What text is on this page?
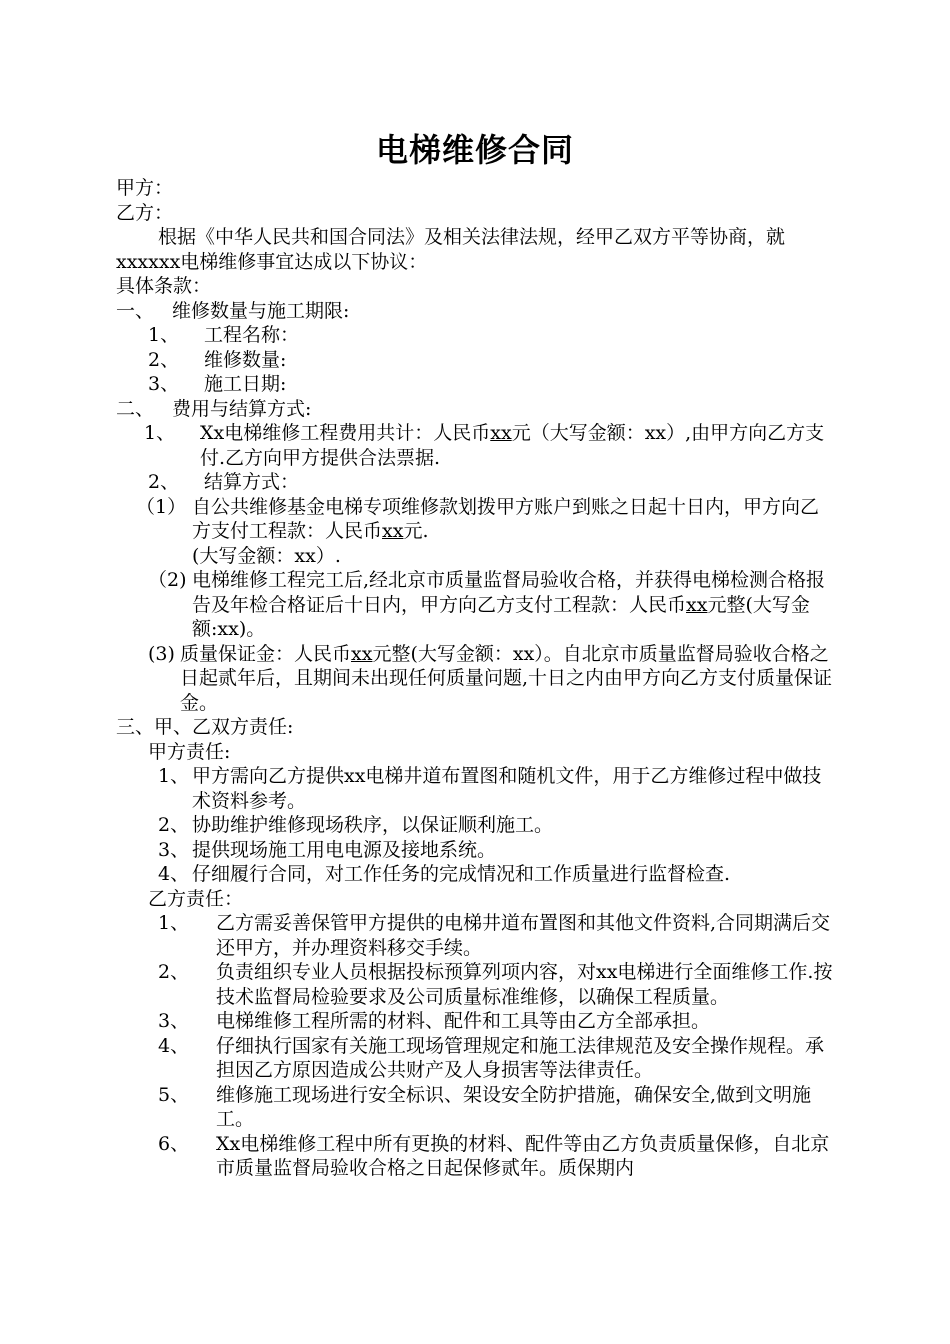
电梯维修合同

甲方：

乙方：

根据《中华人民共和国合同法》及相关法律法规，经甲乙双方平等协商，就xxxxxx电梯维修事宜达成以下协议：

具体条款：

一、 维修数量与施工期限:
1、	工程名称：
2、	维修数量:
3、	施工日期:
二、 费用与结算方式:
1、	Xx电梯维修工程费用共计：人民币xx元（大写金额：xx）,由甲方向乙方支付.乙方向甲方提供合法票据.
2、	结算方式：
（1） 自公共维修基金电梯专项维修款划拨甲方账户到账之日起十日内，甲方向乙方支付工程款：人民币xx元.
(大写金额：xx）.
（2) 电梯维修工程完工后,经北京市质量监督局验收合格，并获得电梯检测合格报告及年检合格证后十日内，甲方向乙方支付工程款：人民币xx元整(大写金额:xx)。
(3) 质量保证金：人民币xx元整(大写金额：xx）。自北京市质量监督局验收合格之日起贰年后，且期间未出现任何质量问题,十日之内由甲方向乙方支付质量保证金。

三、甲、乙双方责任:

甲方责任:

1、 甲方需向乙方提供xx电梯井道布置图和随机文件，用于乙方维修过程中做技术资料参考。
2、 协助维护维修现场秩序，以保证顺利施工。
3、 提供现场施工用电电源及接地系统。
4、 仔细履行合同，对工作任务的完成情况和工作质量进行监督检查.

乙方责任：

1、	乙方需妥善保管甲方提供的电梯井道布置图和其他文件资料,合同期满后交还甲方，并办理资料移交手续。
2、	负责组织专业人员根据投标预算列项内容，对xx电梯进行全面维修工作.按技术监督局检验要求及公司质量标准维修，以确保工程质量。
3、	电梯维修工程所需的材料、配件和工具等由乙方全部承担。
4、	仔细执行国家有关施工现场管理规定和施工法律规范及安全操作规程。承担因乙方原因造成公共财产及人身损害等法律责任。
5、	维修施工现场进行安全标识、架设安全防护措施，确保安全,做到文明施工。
6、	Xx电梯维修工程中所有更换的材料、配件等由乙方负责质量保修，自北京市质量监督局验收合格之日起保修贰年。质保期内
